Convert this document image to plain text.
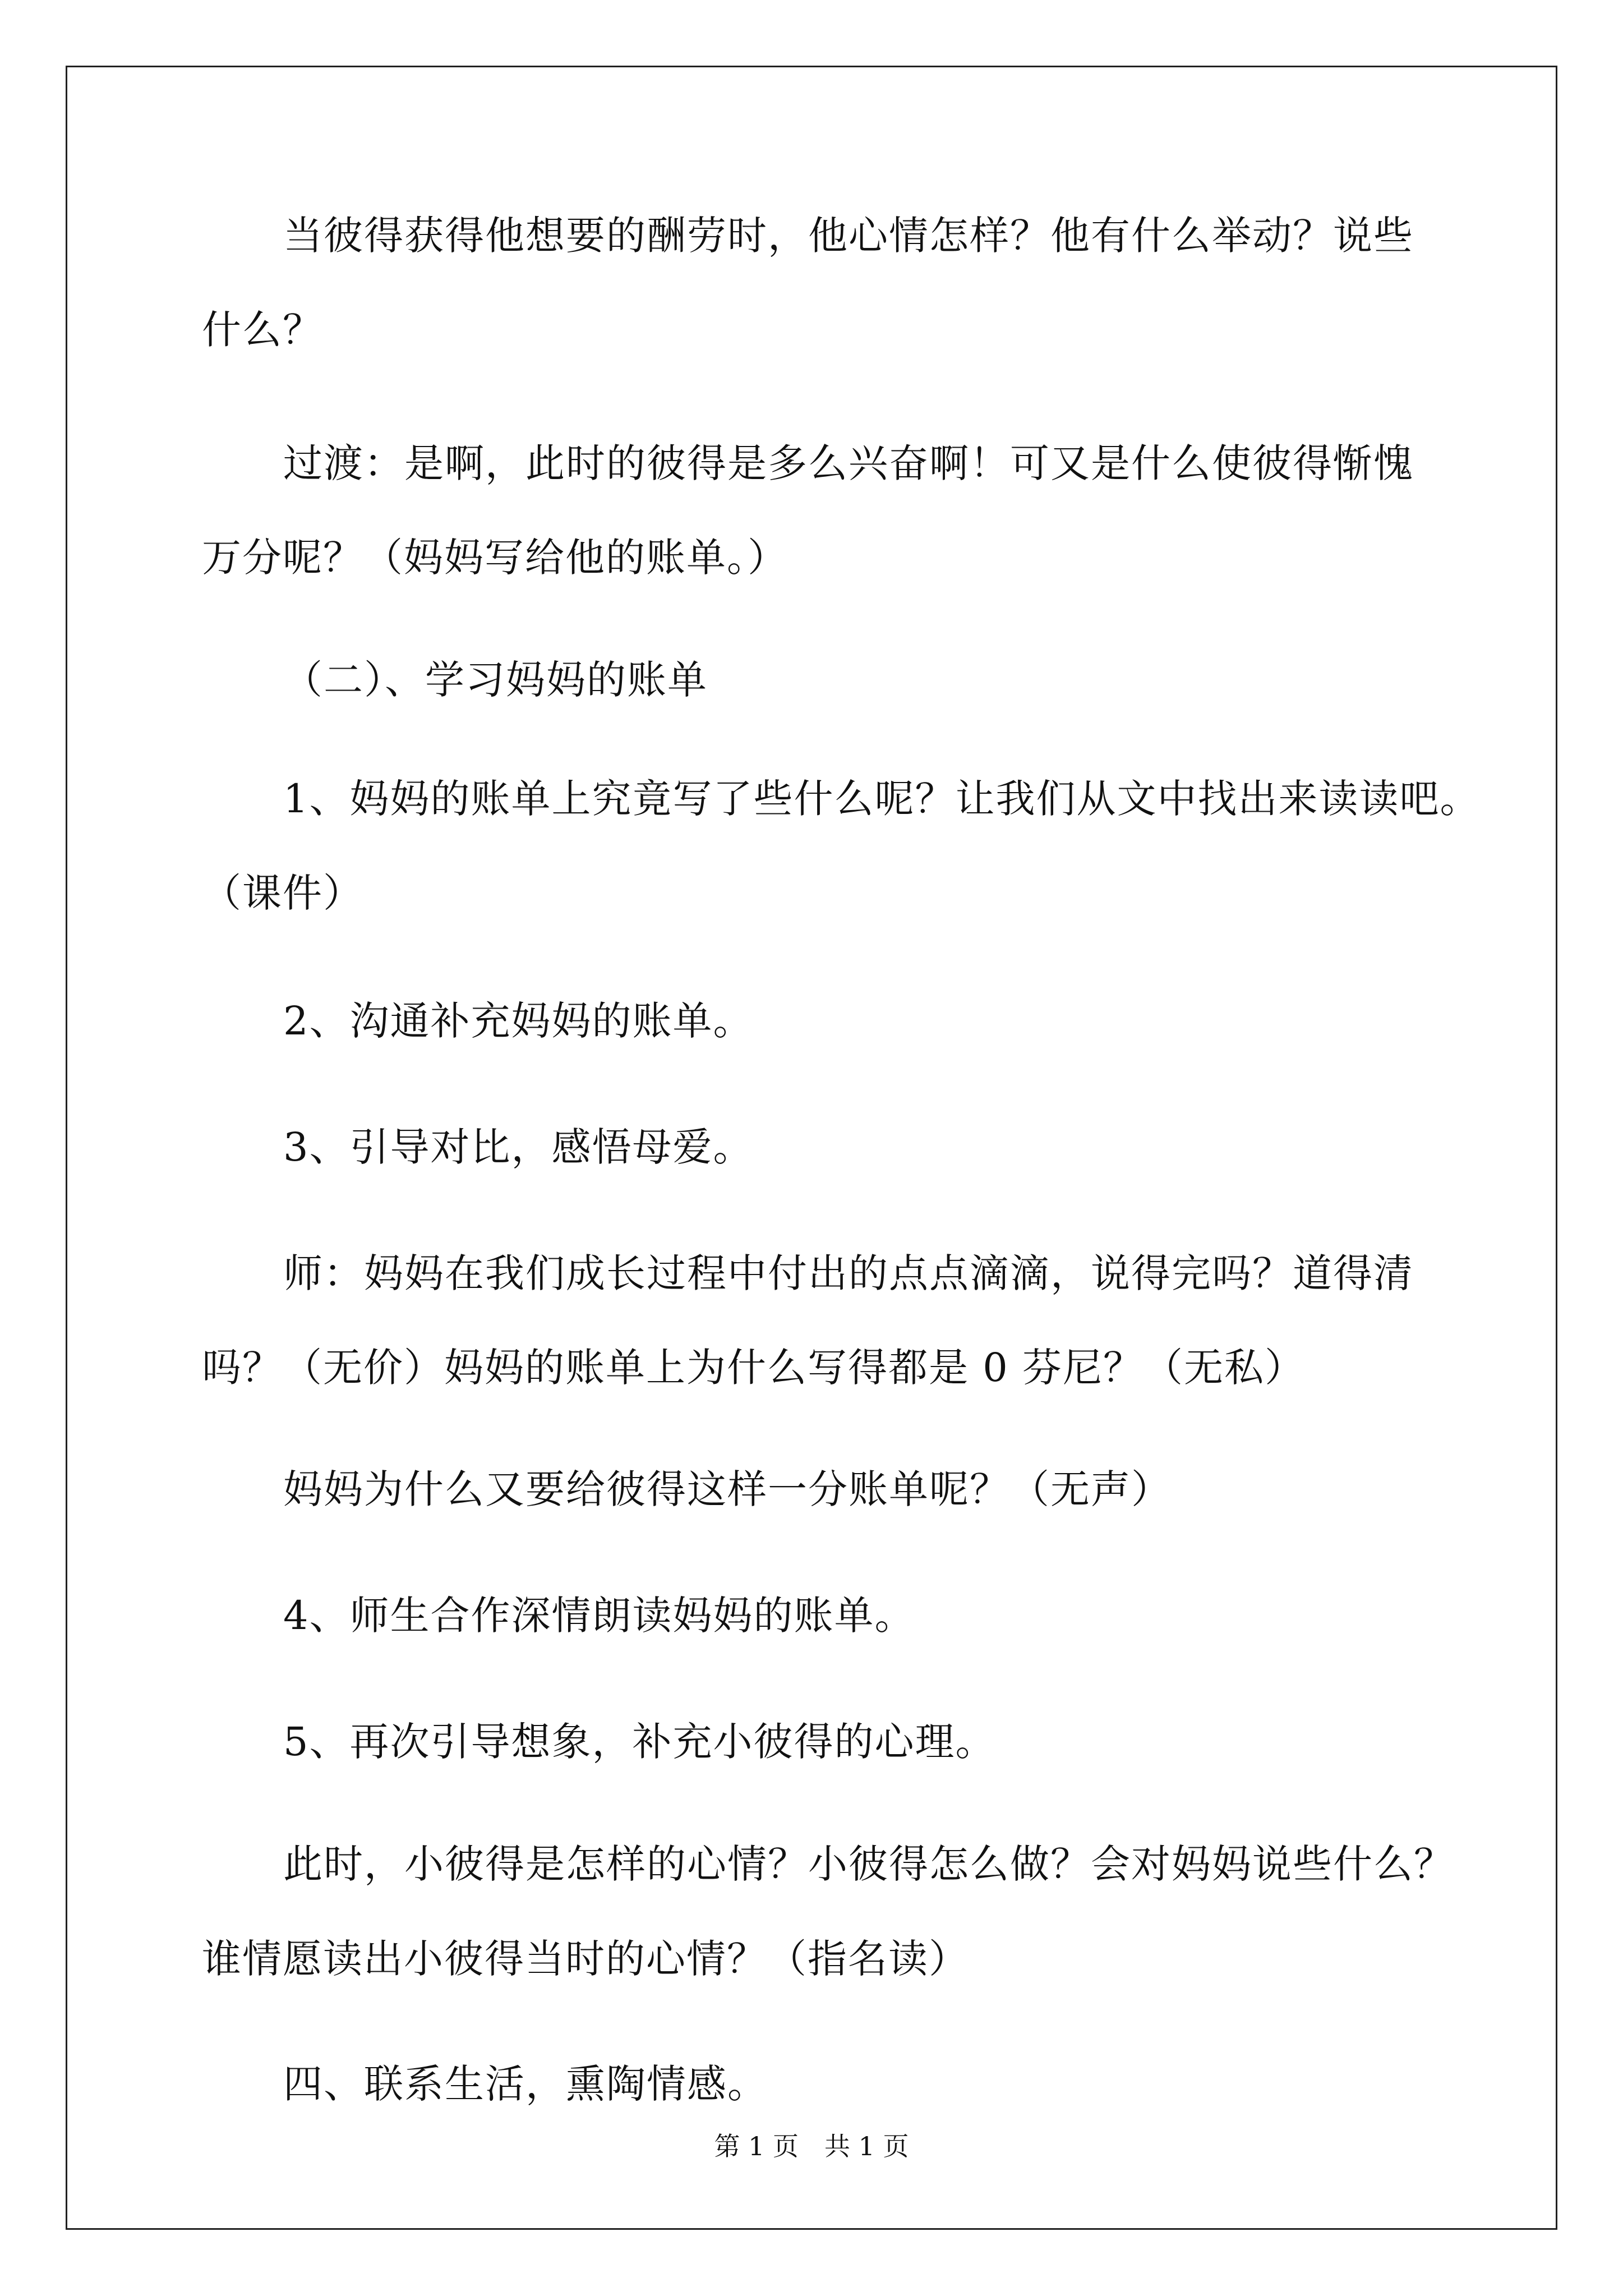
当彼得获得他想要的酬劳时，他心情怎样？他有什么举动？说些
什么？
过渡：是啊，此时的彼得是多么兴奋啊！可又是什么使彼得惭愧
万分呢？（妈妈写给他的账单。）
（二）、学习妈妈的账单
1、妈妈的账单上究竟写了些什么呢？让我们从文中找出来读读吧。
（课件）
2、沟通补充妈妈的账单。
3、引导对比，感悟母爱。
师：妈妈在我们成长过程中付出的点点滴滴，说得完吗？道得清
吗？（无价）妈妈的账单上为什么写得都是 0 芬尼？（无私）
妈妈为什么又要给彼得这样一分账单呢？（无声）
4、师生合作深情朗读妈妈的账单。
5、再次引导想象，补充小彼得的心理。
此时，小彼得是怎样的心情？小彼得怎么做？会对妈妈说些什么？
谁情愿读出小彼得当时的心情？（指名读）
四、联系生活，熏陶情感。
第 1 页　共 1 页
